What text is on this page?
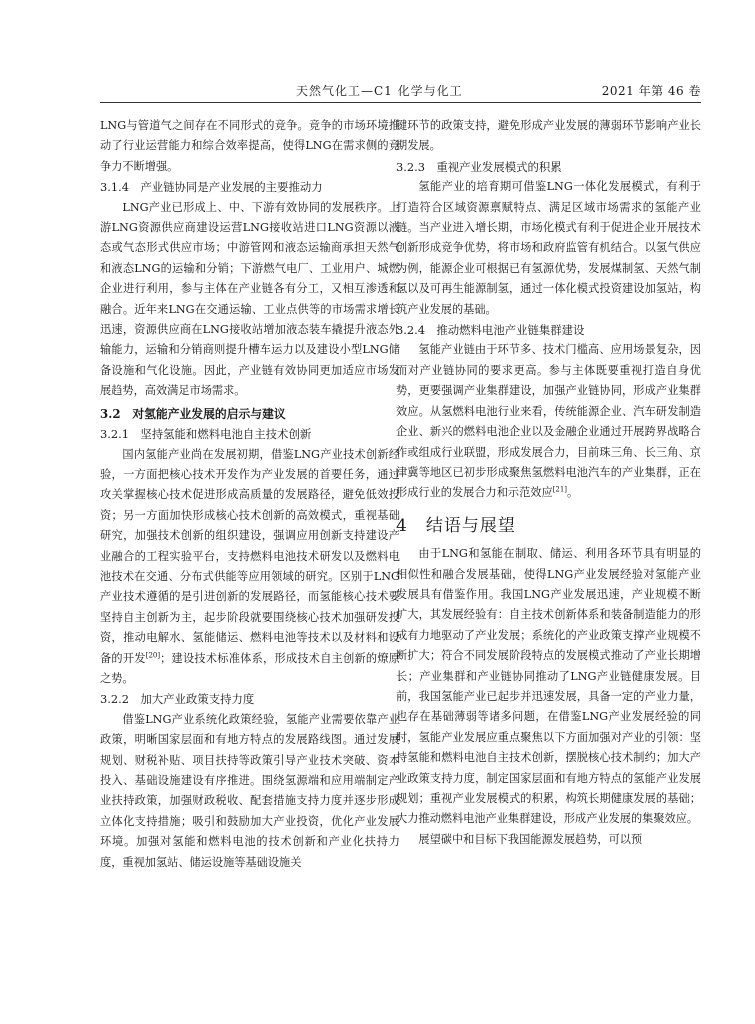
天然气化工—C1 化学与化工	2021 年第 46 卷

LNG与管道气之间存在不同形式的竞争。竞争的市场环境推动了行业运营能力和综合效率提高，使得LNG在需求侧的竞争力不断增强。

3.1.4　产业链协同是产业发展的主要推动力

LNG产业已形成上、中、下游有效协同的发展秩序。上游LNG资源供应商建设运营LNG接收站进口LNG资源以液态或气态形式供应市场；中游管网和液态运输商承担天然气和液态LNG的运输和分销；下游燃气电厂、工业用户、城燃企业进行利用，参与主体在产业链各有分工，又相互渗透和融合。近年来LNG在交通运输、工业点供等的市场需求增长迅速，资源供应商在LNG接收站增加液态装车撬提升液态外输能力，运输和分销商则提升槽车运力以及建设小型LNG储备设施和气化设施。因此，产业链有效协同更加适应市场发展趋势，高效满足市场需求。

3.2　对氢能产业发展的启示与建议
3.2.1　坚持氢能和燃料电池自主技术创新

国内氢能产业尚在发展初期，借鉴LNG产业技术创新经验，一方面把核心技术开发作为产业发展的首要任务，通过攻关掌握核心技术促进形成高质量的发展路径，避免低效投资；另一方面加快形成核心技术创新的高效模式，重视基础研究，加强技术创新的组织建设，强调应用创新支持建设产业融合的工程实验平台，支持燃料电池技术研发以及燃料电池技术在交通、分布式供能等应用领域的研究。区别于LNG产业技术遵循的是引进创新的发展路径，而氢能核心技术要坚持自主创新为主，起步阶段就要围绕核心技术加强研发投资，推动电解水、氢能储运、燃料电池等技术以及材料和设备的开发[20]；建设技术标准体系，形成技术自主创新的燎原之势。

3.2.2　加大产业政策支持力度

借鉴LNG产业系统化政策经验，氢能产业需要依靠产业政策，明晰国家层面和有地方特点的发展路线图。通过发展规划、财税补贴、项目扶持等政策引导产业技术突破、资本投入、基础设施建设有序推进。围绕氢源端和应用端制定产业扶持政策，加强财政税收、配套措施支持力度并逐步形成立体化支持措施；吸引和鼓励加大产业投资，优化产业发展环境。加强对氢能和燃料电池的技术创新和产业化扶持力度，重视加氢站、储运设施等基础设施关

键环节的政策支持，避免形成产业发展的薄弱环节影响产业长期发展。

3.2.3　重视产业发展模式的积累

氢能产业的培育期可借鉴LNG一体化发展模式，有利于打造符合区域资源禀赋特点、满足区域市场需求的氢能产业链。当产业进入增长期，市场化模式有利于促进企业开展技术创新形成竞争优势，将市场和政府监管有机结合。以氢气供应为例，能源企业可根据已有氢源优势，发展煤制氢、天然气制氢以及可再生能源制氢，通过一体化模式投资建设加氢站，构筑产业发展的基础。

3.2.4　推动燃料电池产业链集群建设

氢能产业链由于环节多、技术门槛高、应用场景复杂，因而对产业链协同的要求更高。参与主体既要重视打造自身优势，更要强调产业集群建设，加强产业链协同，形成产业集群效应。从氢燃料电池行业来看，传统能源企业、汽车研发制造企业、新兴的燃料电池企业以及金融企业通过开展跨界战略合作或组成行业联盟，形成发展合力，目前珠三角、长三角、京津冀等地区已初步形成聚焦氢燃料电池汽车的产业集群，正在形成行业的发展合力和示范效应[21]。

4　结语与展望

由于LNG和氢能在制取、储运、利用各环节具有明显的相似性和融合发展基础，使得LNG产业发展经验对氢能产业发展具有借鉴作用。我国LNG产业发展迅速，产业规模不断扩大，其发展经验有：自主技术创新体系和装备制造能力的形成有力地驱动了产业发展；系统化的产业政策支撑产业规模不断扩大；符合不同发展阶段特点的发展模式推动了产业长期增长；产业集群和产业链协同推动了LNG产业链健康发展。目前，我国氢能产业已起步并迅速发展，具备一定的产业力量，也存在基础薄弱等诸多问题，在借鉴LNG产业发展经验的同时，氢能产业发展应重点聚焦以下方面加强对产业的引领：坚持氢能和燃料电池自主技术创新，摆脱核心技术制约；加大产业政策支持力度，制定国家层面和有地方特点的氢能产业发展规划；重视产业发展模式的积累，构筑长期健康发展的基础；大力推动燃料电池产业集群建设，形成产业发展的集聚效应。

展望碳中和目标下我国能源发展趋势，可以预
